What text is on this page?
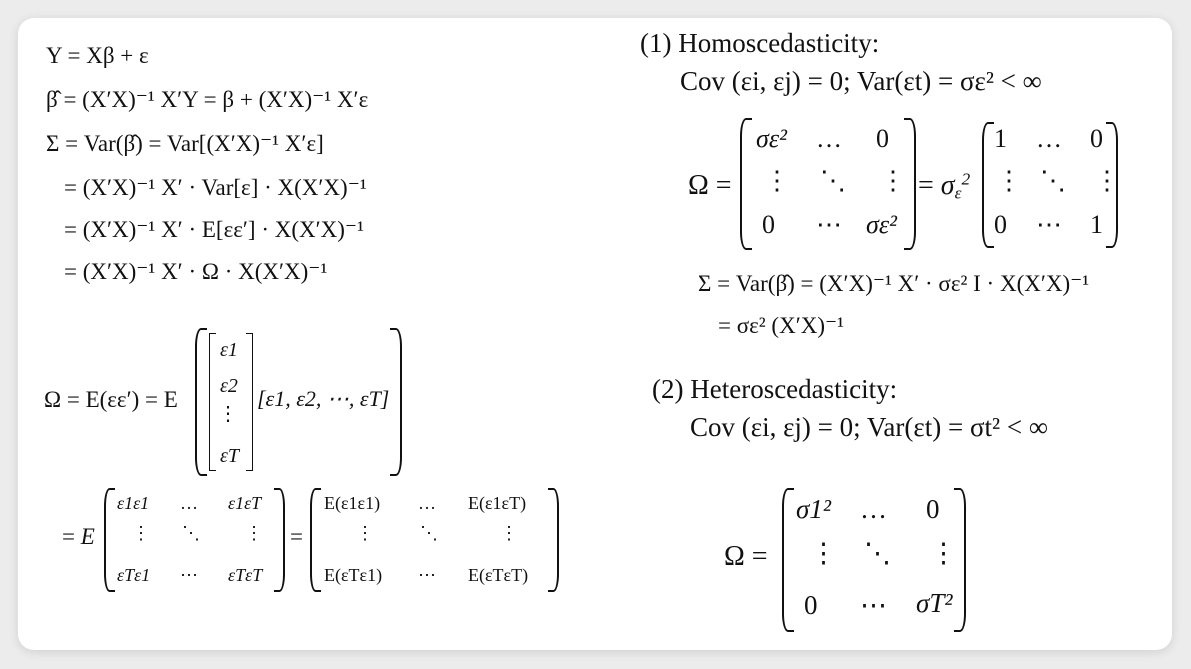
Y = Xβ + ε
β̂ = (X′X)⁻¹ X′Y = β + (X′X)⁻¹ X′ε
Σ = Var(β̂) = Var[(X′X)⁻¹ X′ε]
= (X′X)⁻¹ X′ · Var[ε] · X(X′X)⁻¹
= (X′X)⁻¹ X′ · E[εε′] · X(X′X)⁻¹
= (X′X)⁻¹ X′ · Ω · X(X′X)⁻¹
Ω = E(εε′) = E
ε1
ε2
⋮
εT
[ε1, ε2, ⋯, εT]
= E
ε1ε1 … ε1εT
⋮ ⋱	⋮
εTε1 ⋯ εTεT
=
E(ε1ε1) … E(ε1εT)
⋮	⋱	⋮
E(εTε1) ⋯ E(εTεT)
(1) Homoscedasticity:
Cov (εi, εj) = 0; Var(εt) = σε² < ∞
Ω =
σε² … 0
⋮ ⋱ ⋮
0 ⋯ σε²
= $\sigma_\varepsilon^2$
1 … 0
⋮ ⋱ ⋮
0 ⋯ 1
Σ = Var(β̂) = (X′X)⁻¹ X′ · σε² I · X(X′X)⁻¹
= σε² (X′X)⁻¹
(2) Heteroscedasticity:
Cov (εi, εj) = 0; Var(εt) = σt² < ∞
Ω =
σ1² … 0
⋮ ⋱ ⋮
0 ⋯ σT²
